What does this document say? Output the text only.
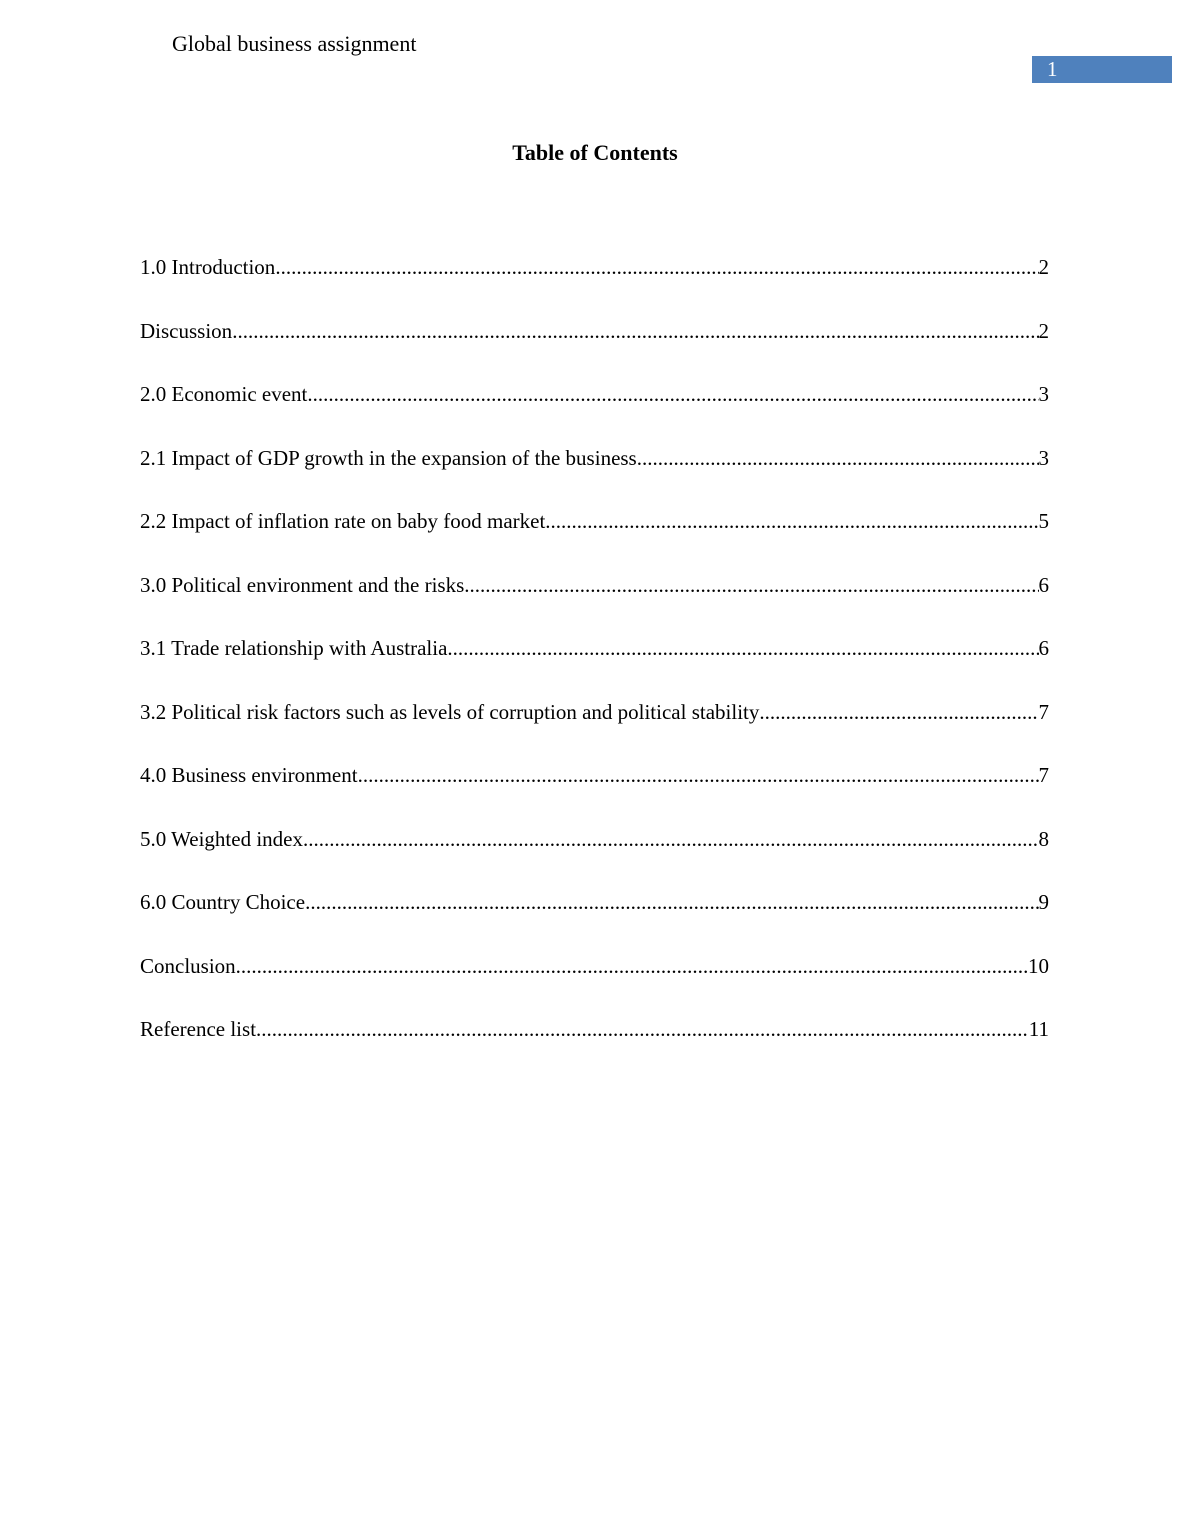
Global business assignment
1
Table of Contents
1.0 Introduction .....	2
Discussion .....	2
2.0 Economic event .....	3
2.1 Impact of GDP growth in the expansion of the business .....	3
2.2 Impact of inflation rate on baby food market .....	5
3.0 Political environment and the risks .....	6
3.1 Trade relationship with Australia .....	6
3.2 Political risk factors such as levels of corruption and political stability .....	7
4.0 Business environment .....	7
5.0 Weighted index .....	8
6.0 Country Choice .....	9
Conclusion .....	10
Reference list .....	11
